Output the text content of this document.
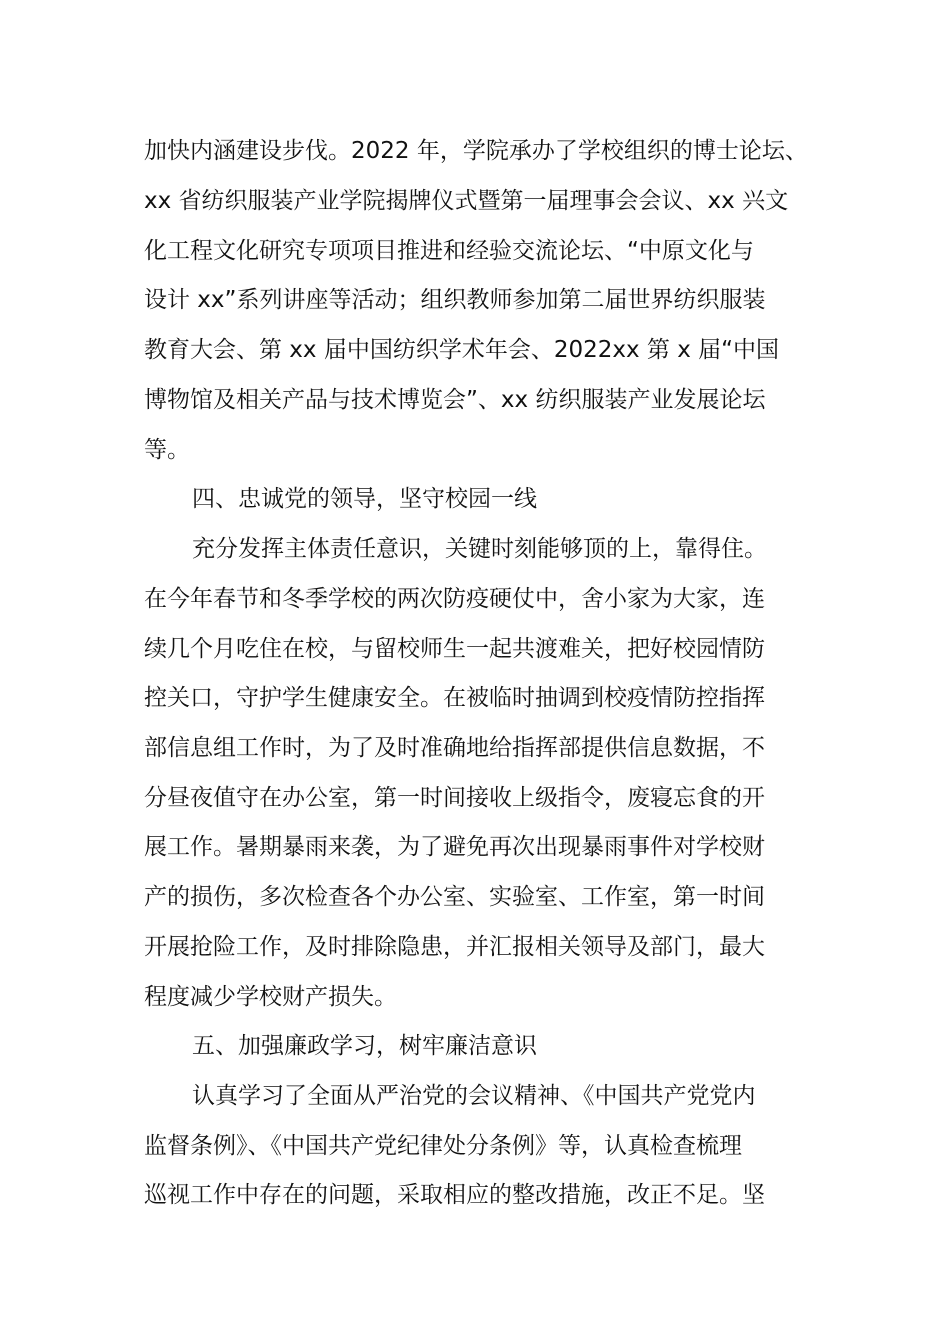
加快内涵建设步伐。2022 年，学院承办了学校组织的博士论坛、
xx 省纺织服装产业学院揭牌仪式暨第一届理事会会议、xx 兴文
化工程文化研究专项项目推进和经验交流论坛、“中原文化与
设计 xx”系列讲座等活动；组织教师参加第二届世界纺织服装
教育大会、第 xx 届中国纺织学术年会、2022xx 第 x 届“中国
博物馆及相关产品与技术博览会”、xx 纺织服装产业发展论坛
等。
四、忠诚党的领导，坚守校园一线
充分发挥主体责任意识，关键时刻能够顶的上，靠得住。
在今年春节和冬季学校的两次防疫硬仗中，舍小家为大家，连
续几个月吃住在校，与留校师生一起共渡难关，把好校园情防
控关口，守护学生健康安全。在被临时抽调到校疫情防控指挥
部信息组工作时，为了及时准确地给指挥部提供信息数据，不
分昼夜值守在办公室，第一时间接收上级指令，废寝忘食的开
展工作。暑期暴雨来袭，为了避免再次出现暴雨事件对学校财
产的损伤，多次检查各个办公室、实验室、工作室，第一时间
开展抢险工作，及时排除隐患，并汇报相关领导及部门，最大
程度减少学校财产损失。
五、加强廉政学习，树牢廉洁意识
认真学习了全面从严治党的会议精神、《中国共产党党内
监督条例》、《中国共产党纪律处分条例》等，认真检查梳理
巡视工作中存在的问题，采取相应的整改措施，改正不足。坚
